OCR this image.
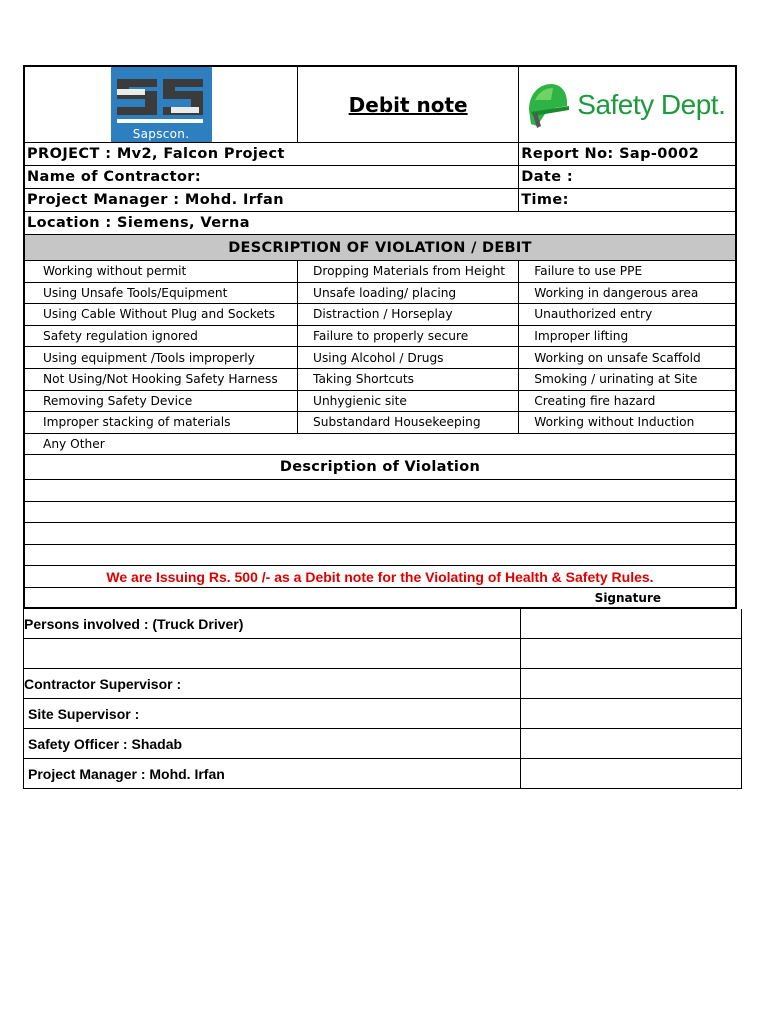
Sapscon.	Debit note	Safety Dept.

PROJECT : Mv2, Falcon Project		Report No: Sap-0002
Name of Contractor:		Date :
Project Manager : Mohd. Irfan		Time:
Location : Siemens, Verna		
DESCRIPTION OF VIOLATION / DEBIT		
Working without permit	Dropping Materials from Height	Failure to use PPE
Using Unsafe Tools/Equipment	Unsafe loading/ placing	Working in dangerous area
Using Cable Without Plug and Sockets	Distraction / Horseplay	Unauthorized entry
Safety regulation ignored	Failure to properly secure	Improper lifting
Using equipment /Tools improperly	Using Alcohol / Drugs	Working on unsafe Scaffold
Not Using/Not Hooking Safety Harness	Taking Shortcuts	Smoking / urinating at Site
Removing Safety Device	Unhygienic site	Creating fire hazard
Improper stacking of materials	Substandard Housekeeping	Working without Induction
Any Other		
Description of Violation		

We are Issuing Rs. 500 /- as a Debit note for the Violating of Health & Safety Rules.		
Signature		
Persons involved : (Truck Driver)	

Contractor Supervisor :	
Site Supervisor :	
Safety Officer : Shadab	
Project Manager : Mohd. Irfan	
